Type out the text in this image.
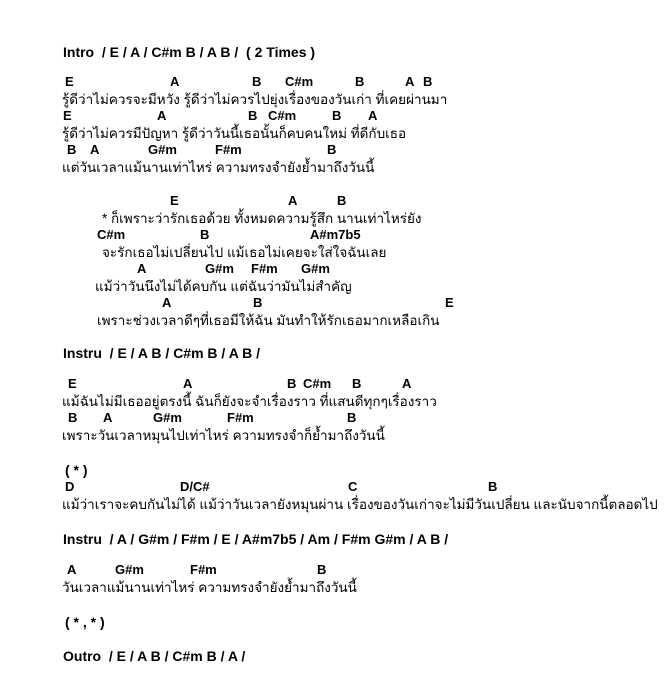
Intro  / E / A / C#m B / A B /  ( 2 Times )

E

	A

	B

C#m

	B

	A

B

รู้ดีว่าไม่ควรจะมีหวัง รู้ดีว่าไม่ควรไปยุ่งเรื่องของวันเก่า ที่เคยผ่านมา

E

	A

	B

C#m

	B

A

รู้ดีว่าไม่ควรมีปัญหา รู้ดีว่าวันนี้เธอนั้นก็คบคนใหม่ ที่ดีกับเธอ

B

A

	G#m

	F#m

	B

แต่วันเวลาแม้นานเท่าไหร่ ความทรงจำยังย้ำมาถึงวันนี้

E

	A

	B

* ก็เพราะว่ารักเธอด้วย ทั้งหมดความรู้สึก นานเท่าไหร่ยัง

C#m

	B

	A#m7b5

จะรักเธอไม่เปลี่ยนไป แม้เธอไม่เคยจะใส่ใจฉันเลย

A

	G#m

F#m

G#m

แม้ว่าวันนึงไม่ได้คบกัน แต่ฉันว่ามันไม่สำคัญ

A

	B

	E

เพราะช่วงเวลาดีๆที่เธอมีให้ฉัน มันทำให้รักเธอมากเหลือเกิน
Instru  / E / A B / C#m B / A B /

E

	A

	B

C#m

B

	A

แม้ฉันไม่มีเธออยู่ตรงนี้ ฉันก็ยังจะจำเรื่องราว ที่แสนดีทุกๆเรื่องราว

B

A

	G#m

	F#m

	B

เพราะวันเวลาหมุนไปเท่าไหร่ ความทรงจำก็ย้ำมาถึงวันนี้
( * )

D

	D/C#

	C

	B

แม้ว่าเราจะคบกันไม่ได้ แม้ว่าวันเวลายังหมุนผ่าน เรื่องของวันเก่าจะไม่มีวันเปลี่ยน และนับจากนี้ตลอดไป
Instru  / A / G#m / F#m / E / A#m7b5 / Am / F#m G#m / A B /

A

	G#m

	F#m

	B

วันเวลาแม้นานเท่าไหร่ ความทรงจำยังย้ำมาถึงวันนี้
( * , * )
Outro  / E / A B / C#m B / A /
